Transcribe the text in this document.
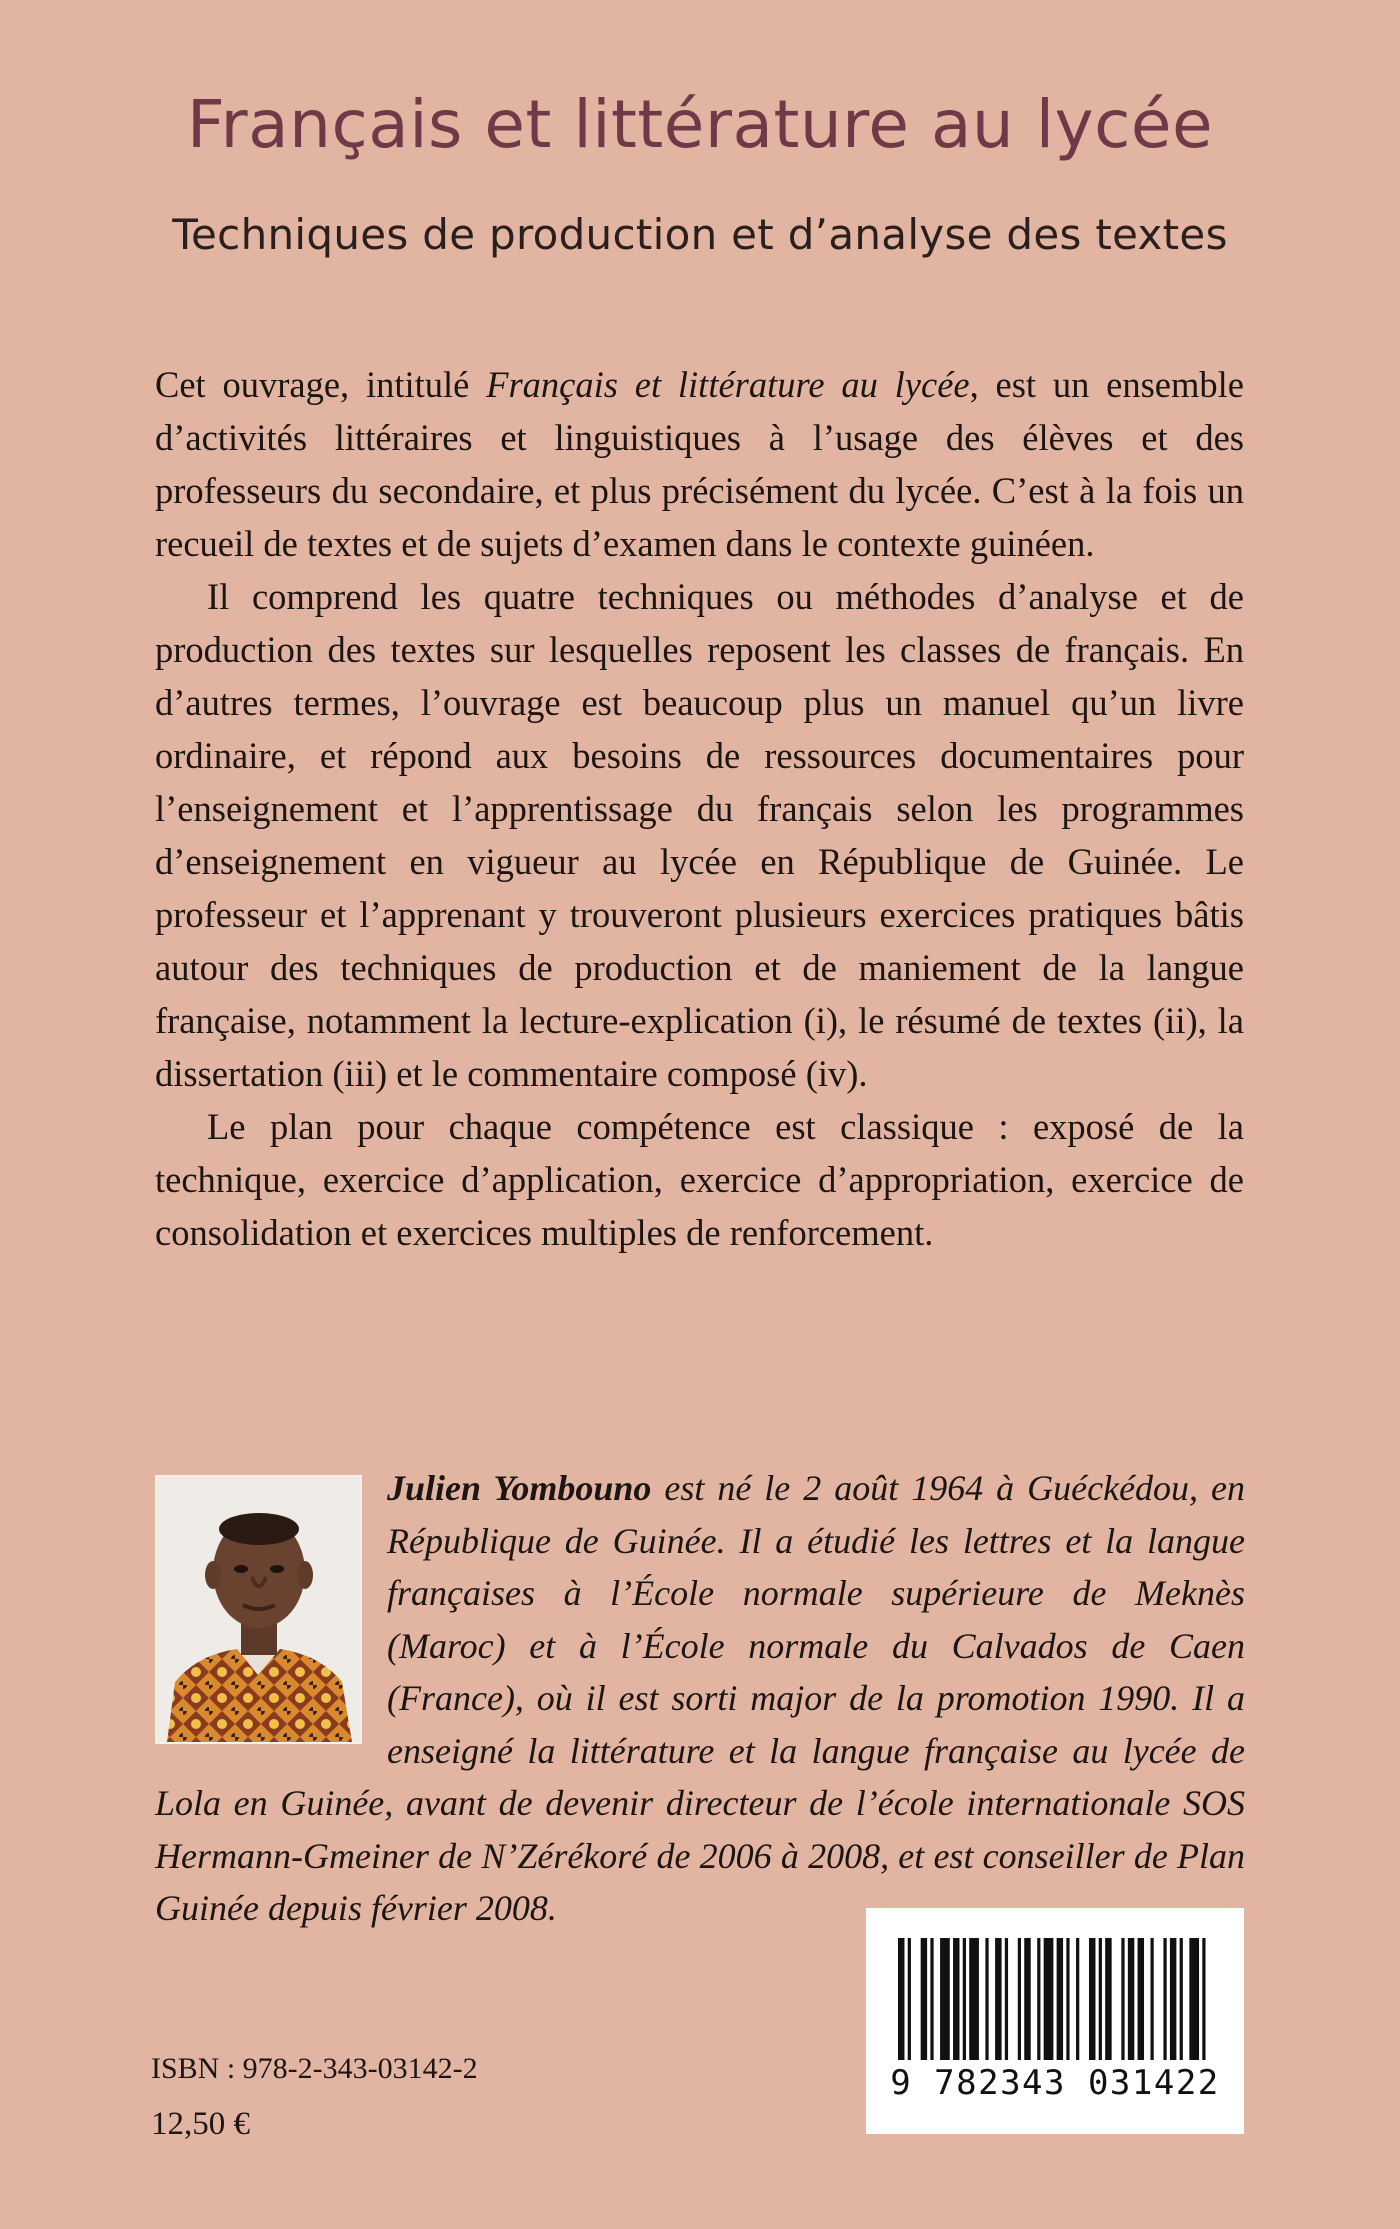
Français et littérature au lycée
Techniques de production et d’analyse des textes

Cet ouvrage, intitulé Français et littérature au lycée, est un ensemble d’activités littéraires et linguistiques à l’usage des élèves et des professeurs du secondaire, et plus précisément du lycée. C’est à la fois un recueil de textes et de sujets d’examen dans le contexte guinéen.

Il comprend les quatre techniques ou méthodes d’analyse et de production des textes sur lesquelles reposent les classes de français. En d’autres termes, l’ouvrage est beaucoup plus un manuel qu’un livre ordinaire, et répond aux besoins de ressources documentaires pour l’enseignement et l’apprentissage du français selon les programmes d’enseignement en vigueur au lycée en République de Guinée. Le professeur et l’apprenant y trouveront plusieurs exercices pratiques bâtis autour des techniques de production et de maniement de la langue française, notamment la lecture-explication (i), le résumé de textes (ii), la dissertation (iii) et le commentaire composé (iv).

Le plan pour chaque compétence est classique : exposé de la technique, exercice d’application, exercice d’appropriation, exercice de consolidation et exercices multiples de renforcement.

Julien Yombouno est né le 2 août 1964 à Guéckédou, en République de Guinée. Il a étudié les lettres et la langue françaises à l’École normale supérieure de Meknès (Maroc) et à l’École normale du Calvados de Caen (France), où il est sorti major de la promotion 1990. Il a enseigné la littérature et la langue française au lycée de Lola en Guinée, avant de devenir directeur de l’école internationale SOS Hermann-Gmeiner de N’Zérékoré de 2006 à 2008, et est conseiller de Plan Guinée depuis février 2008.
9 782343 031422
ISBN : 978-2-343-03142-2
12,50 €
